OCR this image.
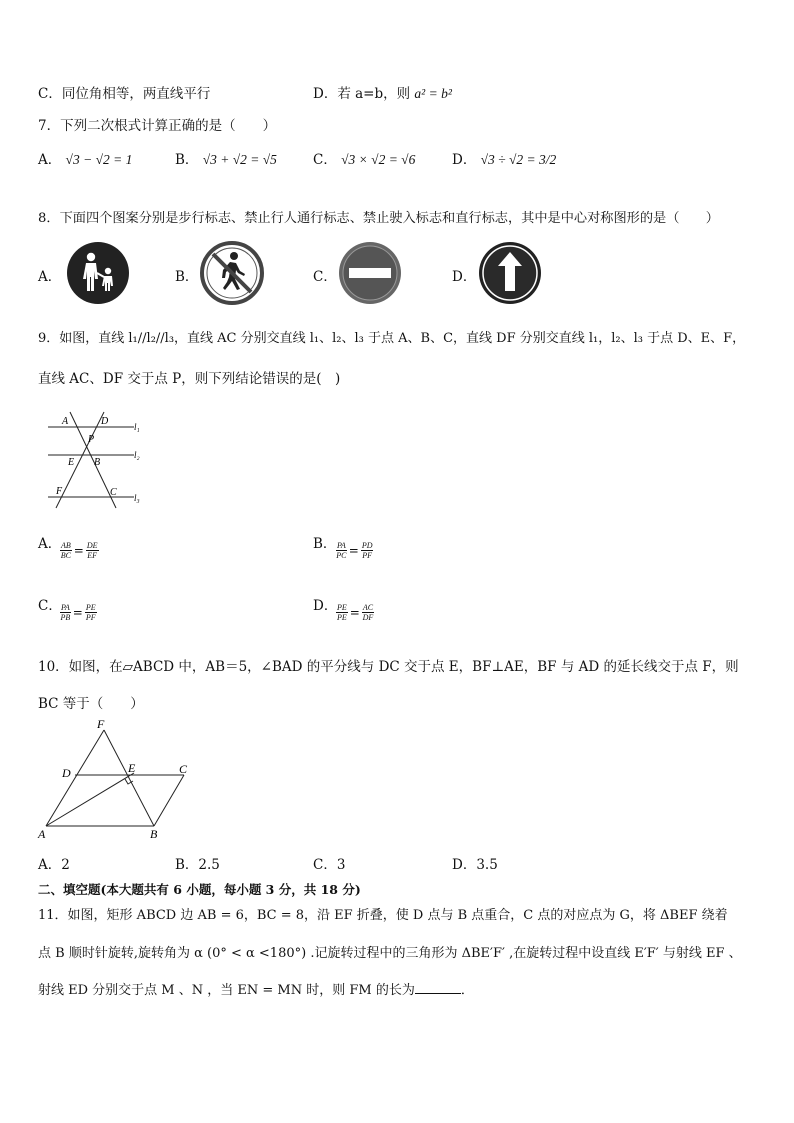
C．同位角相等，两直线平行	D．若 a=b，则 a² = b²
7．下列二次根式计算正确的是（　　）
A． √3 − √2 = 1	B． √3 + √2 = √5	C． √3 × √2 = √6	D． √3 ÷ √2 = 3/2
8．下面四个图案分别是步行标志、禁止行人通行标志、禁止驶入标志和直行标志，其中是中心对称图形的是（　　）
A．	B．	C．	D．
9．如图，直线 l₁//l₂//l₃，直线 AC 分别交直线 l₁、l₂、l₃ 于点 A、B、C，直线 DF 分别交直线 l₁，l₂、l₃ 于点 D、E、F，
直线 AC、DF 交于点 P，则下列结论错误的是(　)
A	D
P
E B
F	C
l₁
l₂
l₃
A．
$\frac{AB}{BC} = \frac{DE}{EF}$	B． $\frac{PA}{PC} = \frac{PD}{PF}$
C．
$\frac{PA}{PB} = \frac{PE}{PF}$	D．
$\frac{PE}{PE} = \frac{AC}{DF}$
10．如图，在▱ABCD 中，AB＝5，∠BAD 的平分线与 DC 交于点 E，BF⊥AE，BF 与 AD 的延长线交于点 F，则
BC 等于（　　）
F
D	E	C
A	B
A．2	B．2.5	C．3	D．3.5
二、填空题(本大题共有 6 小题，每小题 3 分，共 18 分)
11．如图，矩形 ABCD 边 AB = 6，BC = 8，沿 EF 折叠，使 D 点与 B 点重合，C 点的对应点为 G，将 ΔBEF 绕着
点 B 顺时针旋转,旋转角为 α (0° < α <180°) .记旋转过程中的三角形为 ΔBE′F′ ,在旋转过程中设直线 E′F′ 与射线 EF 、
射线 ED 分别交于点 M 、N ，当 EN = MN 时，则 FM 的长为	．
